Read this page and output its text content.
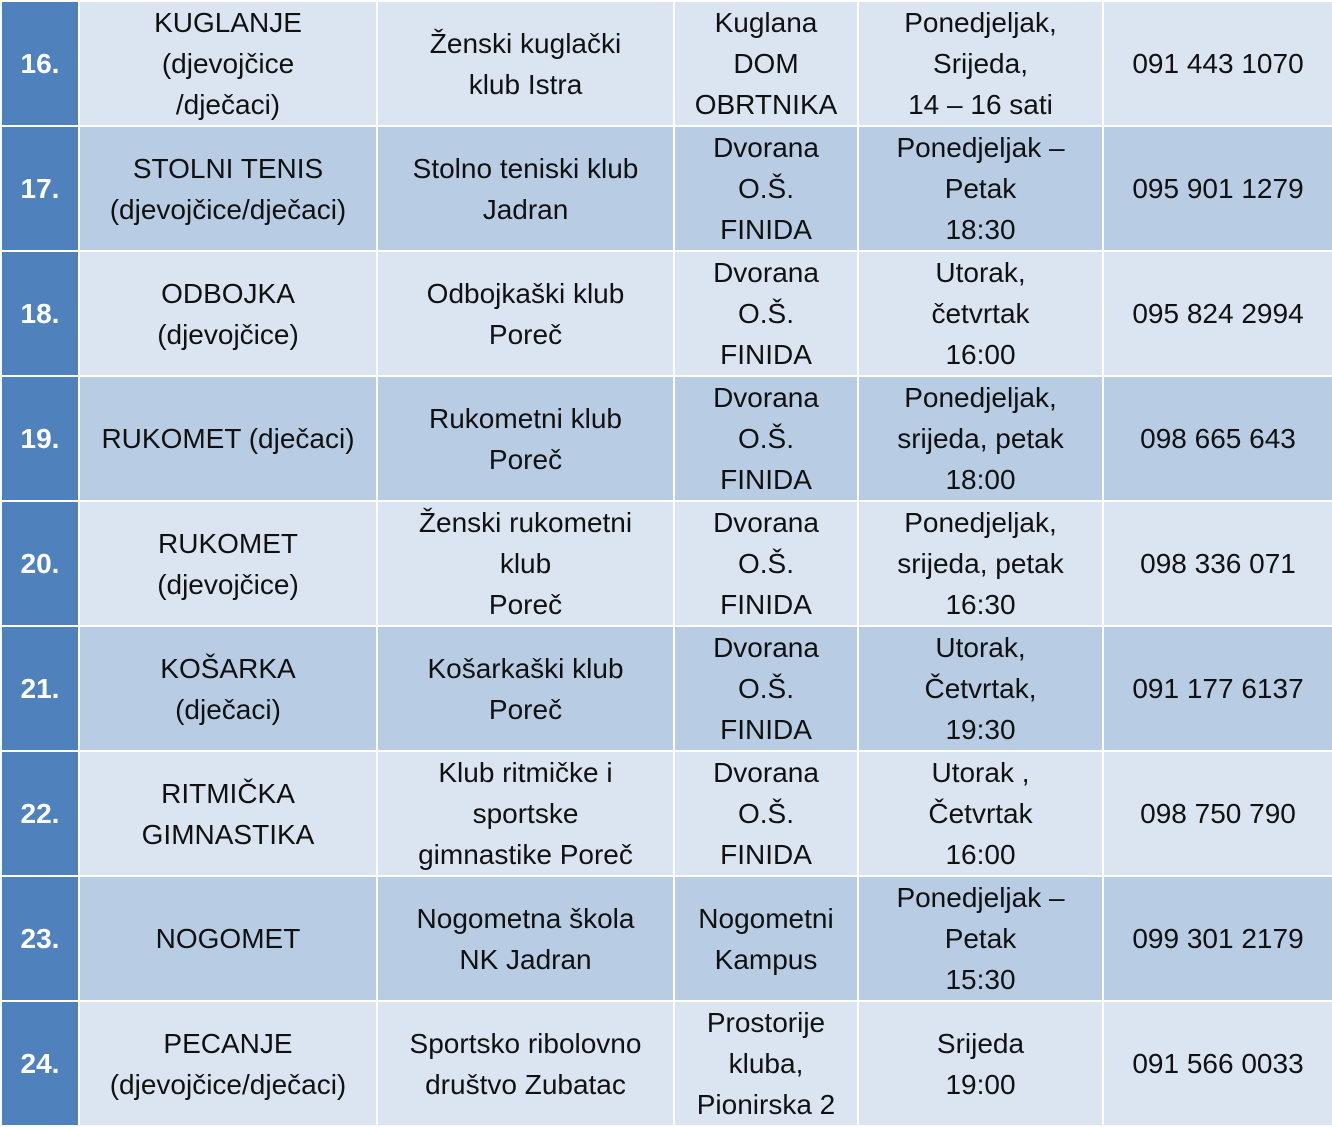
16.	KUGLANJE
(djevojčice
/dječaci)	Ženski kuglački
klub Istra	Kuglana
DOM
OBRTNIKA	Ponedjeljak,
Srijeda,
14 – 16 sati	091 443 1070
17.	STOLNI TENIS
(djevojčice/dječaci)	Stolno teniski klub
Jadran	Dvorana
O.Š.
FINIDA	Ponedjeljak –
Petak
18:30	095 901 1279
18.	ODBOJKA
(djevojčice)	Odbojkaški klub
Poreč	Dvorana
O.Š.
FINIDA	Utorak,
četvrtak
16:00	095 824 2994
19.	RUKOMET (dječaci)	Rukometni klub
Poreč	Dvorana
O.Š.
FINIDA	Ponedjeljak,
srijeda, petak
18:00	098 665 643
20.	RUKOMET
(djevojčice)	Ženski rukometni
klub
Poreč	Dvorana
O.Š.
FINIDA	Ponedjeljak,
srijeda, petak
16:30	098 336 071
21.	KOŠARKA
(dječaci)	Košarkaški klub
Poreč	Dvorana
O.Š.
FINIDA	Utorak,
Četvrtak,
19:30	091 177 6137
22.	RITMIČKA
GIMNASTIKA	Klub ritmičke i
sportske
gimnastike Poreč	Dvorana
O.Š.
FINIDA	Utorak ,
Četvrtak
16:00	098 750 790
23.	NOGOMET	Nogometna škola
NK Jadran	Nogometni
Kampus	Ponedjeljak –
Petak
15:30	099 301 2179
24.	PECANJE
(djevojčice/dječaci)	Sportsko ribolovno
društvo Zubatac	Prostorije
kluba,
Pionirska 2	Srijeda
19:00	091 566 0033
